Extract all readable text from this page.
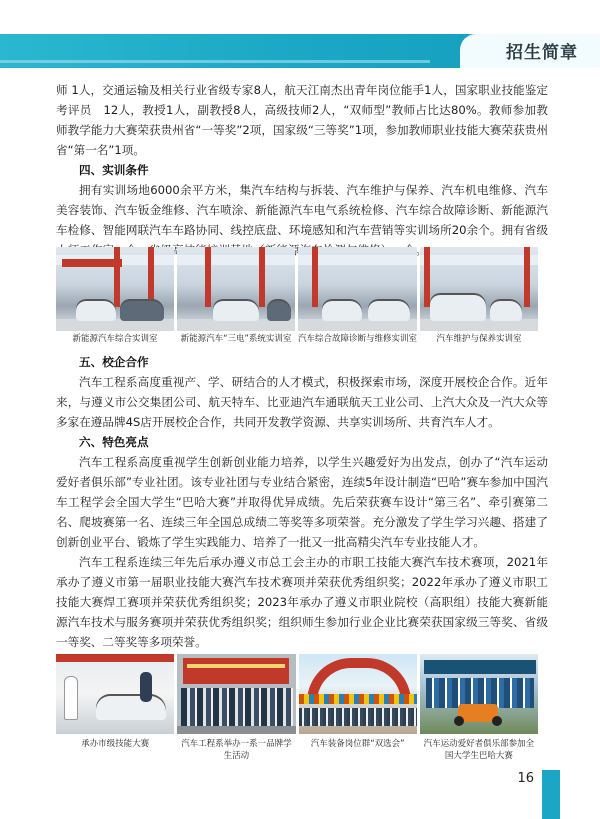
招生简章

师 1人，交通运输及相关行业省级专家8人，航天江南杰出青年岗位能手1人，国家职业技能鉴定考评员　12人，教授1人，副教授8人，高级技师2人，“双师型”教师占比达80%。教师参加教师教学能力大赛荣获贵州省“一等奖”2项，国家级“三等奖”1项，参加教师职业技能大赛荣获贵州省“第一名”1项。

四、实训条件

拥有实训场地6000余平方米，集汽车结构与拆装、汽车维护与保养、汽车机电维修、汽车美容装饰、汽车钣金维修、汽车喷涂、新能源汽车电气系统检修、汽车综合故障诊断、新能源汽车检修、智能网联汽车车路协同、线控底盘、环境感知和汽车营销等实训场所20余个。拥有省级

新能源汽车综合实训室	新能源汽车“三电”系统实训室 汽车综合故障诊断与维修实训室	汽车维护与保养实训室

五、校企合作

汽车工程系高度重视产、学、研结合的人才模式，积极探索市场，深度开展校企合作。近年来，与遵义市公交集团公司、航天特车、比亚迪汽车通联航天工业公司、上汽大众及一汽大众等多家在遵品牌4S店开展校企合作，共同开发教学资源、共享实训场所、共育汽车人才。

六、特色亮点

汽车工程系高度重视学生创新创业能力培养，以学生兴趣爱好为出发点，创办了“汽车运动爱好者俱乐部”专业社团。该专业社团与专业结合紧密，连续5年设计制造“巴哈”赛车参加中国汽车工程学会全国大学生“巴哈大赛”并取得优异成绩。先后荣获赛车设计“第三名”、牵引赛第二名、爬坡赛第一名、连续三年全国总成绩二等奖等多项荣誉。充分激发了学生学习兴趣、搭建了创新创业平台、锻炼了学生实践能力、培养了一批又一批高精尖汽车专业技能人才。

汽车工程系连续三年先后承办遵义市总工会主办的市职工技能大赛汽车技术赛项，2021年承办了遵义市第一届职业技能大赛汽车技术赛项并荣获优秀组织奖；2022年承办了遵义市职工技能大赛焊工赛项并荣获优秀组织奖；2023年承办了遵义市职业院校（高职组）技能大赛新能源汽车技术与服务赛项并荣获优秀组织奖；组织师生参加行业企业比赛荣获国家级三等奖、省级一等奖、二等奖等多项荣誉。

承办市级技能大赛	汽车工程系举办一系一品牌学生活动
汽车装备岗位群“双选会”	汽车运动爱好者俱乐部参加全国大学生巴哈大赛
16
